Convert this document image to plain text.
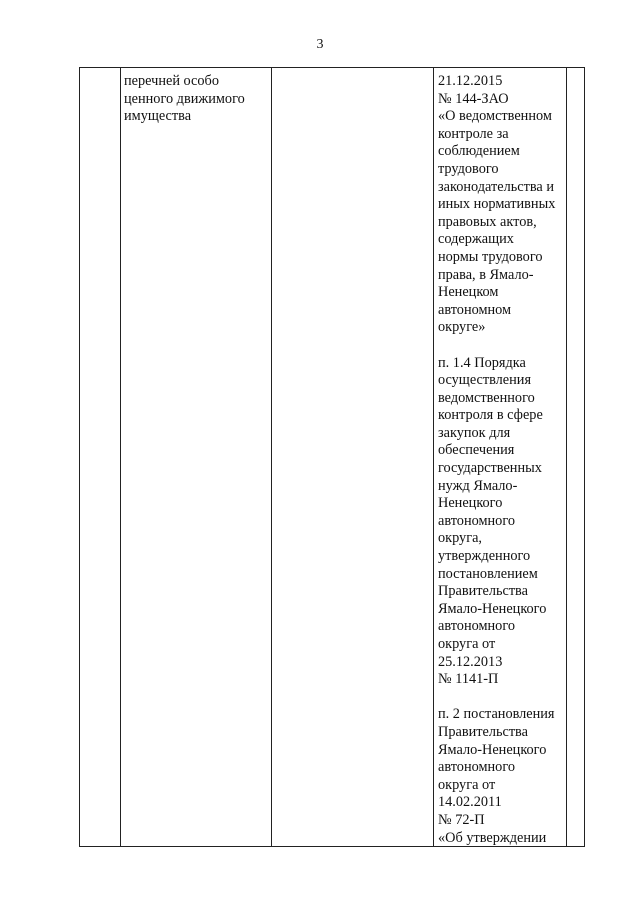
3
перечней особо
ценного движимого
имущества
21.12.2015
№ 144-ЗАО
«О ведомственном
контроле за
соблюдением
трудового
законодательства и
иных нормативных
правовых актов,
содержащих
нормы трудового
права, в Ямало-
Ненецком
автономном
округе»

п. 1.4 Порядка
осуществления
ведомственного
контроля в сфере
закупок для
обеспечения
государственных
нужд Ямало-
Ненецкого
автономного
округа,
утвержденного
постановлением
Правительства
Ямало-Ненецкого
автономного
округа от
25.12.2013
№ 1141-П

п. 2 постановления
Правительства
Ямало-Ненецкого
автономного
округа от
14.02.2011
№ 72-П
«Об утверждении
